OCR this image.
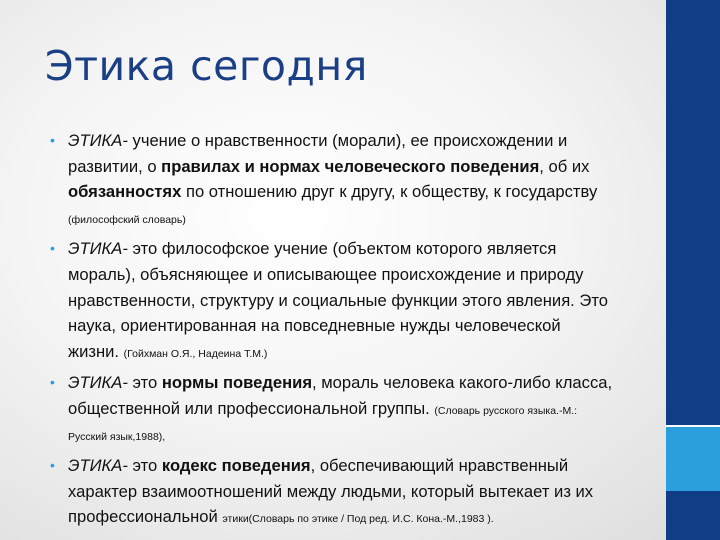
Этика сегодня
• ЭТИКА- учение о нравственности (морали), ее происхождении и развитии, о правилах и нормах человеческого поведения, об их обязанностях по отношению друг к другу, к обществу, к государству (философский словарь)
• ЭТИКА- это философское учение (объектом которого является мораль), объясняющее и описывающее происхождение и природу нравственности, структуру и социальные функции этого явления. Это наука, ориентированная на повседневные нужды человеческой жизни. (Гойхман О.Я., Надеина Т.М.)
• ЭТИКА- это нормы поведения, мораль человека какого-либо класса, общественной или профессиональной группы. (Словарь русского языка.-М.: Русский язык,1988),
• ЭТИКА- это кодекс поведения, обеспечивающий нравственный характер взаимоотношений между людьми, который вытекает из их профессиональной этики(Словарь по этике / Под ред. И.С. Кона.-М.,1983 ).
